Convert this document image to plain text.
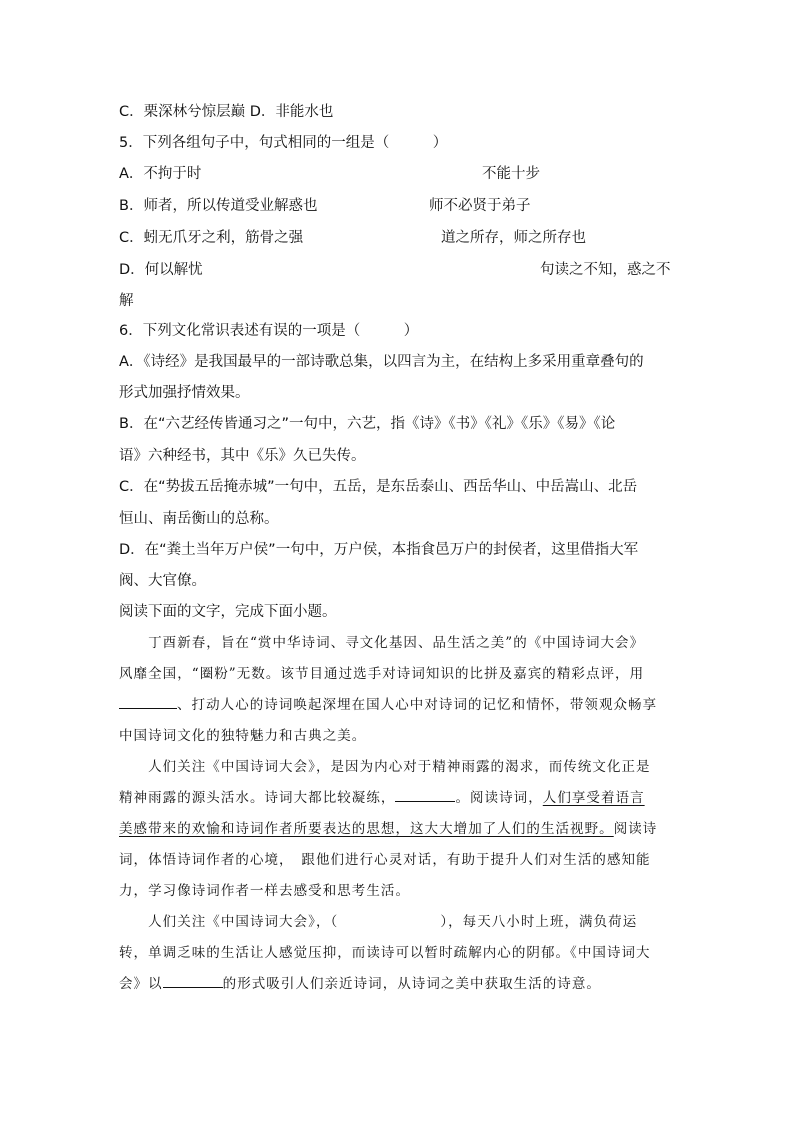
C．栗深林兮惊层巅 D．非能水也
5．下列各组句子中，句式相同的一组是（　　　）
A．不拘于时	不能十步
B．师者，所以传道受业解惑也	师不必贤于弟子
C．蚓无爪牙之利，筋骨之强	道之所存，师之所存也
D．何以解忧	句读之不知，惑之不
解
6．下列文化常识表述有误的一项是（　　　）
A．《诗经》是我国最早的一部诗歌总集，以四言为主，在结构上多采用重章叠句的
形式加强抒情效果。
B．在“六艺经传皆通习之”一句中，六艺，指《诗》《书》《礼》《乐》《易》《论
语》六种经书，其中《乐》久已失传。
C．在“势拔五岳掩赤城”一句中，五岳，是东岳泰山、西岳华山、中岳嵩山、北岳
恒山、南岳衡山的总称。
D．在“粪土当年万户侯”一句中，万户侯，本指食邑万户的封侯者，这里借指大军
阀、大官僚。
阅读下面的文字，完成下面小题。
　　丁酉新春，旨在“赏中华诗词、寻文化基因、品生活之美”的《中国诗词大会》
风靡全国，“圈粉”无数。该节目通过选手对诗词知识的比拼及嘉宾的精彩点评，用
、打动人心的诗词唤起深埋在国人心中对诗词的记忆和情怀，带领观众畅享
中国诗词文化的独特魅力和古典之美。
　　人们关注《中国诗词大会》，是因为内心对于精神雨露的渴求，而传统文化正是
精神雨露的源头活水。诗词大都比较凝练，	。阅读诗词，人们享受着语言
美感带来的欢愉和诗词作者所要表达的思想，这大大增加了人们的生活视野。阅读诗
词，体悟诗词作者的心境，　跟他们进行心灵对话，有助于提升人们对生活的感知能
力，学习像诗词作者一样去感受和思考生活。
　　人们关注《中国诗词大会》，（	），每天八小时上班，满负荷运
转，单调乏味的生活让人感觉压抑，而读诗可以暂时疏解内心的阴郁。《中国诗词大
会》以	的形式吸引人们亲近诗词，从诗词之美中获取生活的诗意。
